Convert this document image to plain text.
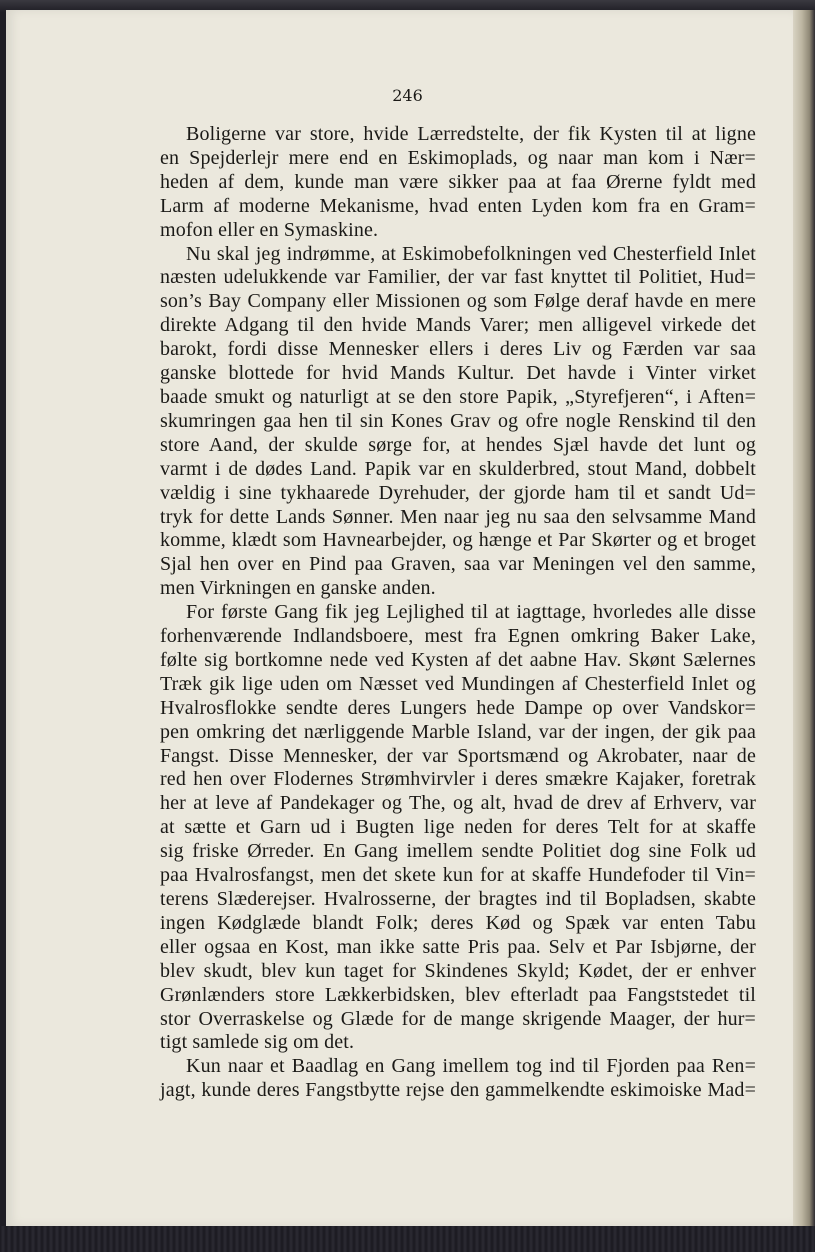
246
Boligerne var store, hvide Lærredstelte, der fik Kysten til at ligne
en Spejderlejr mere end en Eskimoplads, og naar man kom i Nær=
heden af dem, kunde man være sikker paa at faa Ørerne fyldt med
Larm af moderne Mekanisme, hvad enten Lyden kom fra en Gram=
mofon eller en Symaskine.
Nu skal jeg indrømme, at Eskimobefolkningen ved Chesterfield Inlet
næsten udelukkende var Familier, der var fast knyttet til Politiet, Hud=
son’s Bay Company eller Missionen og som Følge deraf havde en mere
direkte Adgang til den hvide Mands Varer; men alligevel virkede det
barokt, fordi disse Mennesker ellers i deres Liv og Færden var saa
ganske blottede for hvid Mands Kultur. Det havde i Vinter virket
baade smukt og naturligt at se den store Papik, „Styrefjeren“, i Aften=
skumringen gaa hen til sin Kones Grav og ofre nogle Renskind til den
store Aand, der skulde sørge for, at hendes Sjæl havde det lunt og
varmt i de dødes Land. Papik var en skulderbred, stout Mand, dobbelt
vældig i sine tykhaarede Dyrehuder, der gjorde ham til et sandt Ud=
tryk for dette Lands Sønner. Men naar jeg nu saa den selvsamme Mand
komme, klædt som Havnearbejder, og hænge et Par Skørter og et broget
Sjal hen over en Pind paa Graven, saa var Meningen vel den samme,
men Virkningen en ganske anden.
For første Gang fik jeg Lejlighed til at iagttage, hvorledes alle disse
forhenværende Indlandsboere, mest fra Egnen omkring Baker Lake,
følte sig bortkomne nede ved Kysten af det aabne Hav. Skønt Sælernes
Træk gik lige uden om Næsset ved Mundingen af Chesterfield Inlet og
Hvalrosflokke sendte deres Lungers hede Dampe op over Vandskor=
pen omkring det nærliggende Marble Island, var der ingen, der gik paa
Fangst. Disse Mennesker, der var Sportsmænd og Akrobater, naar de
red hen over Flodernes Strømhvirvler i deres smækre Kajaker, foretrak
her at leve af Pandekager og The, og alt, hvad de drev af Erhverv, var
at sætte et Garn ud i Bugten lige neden for deres Telt for at skaffe
sig friske Ørreder. En Gang imellem sendte Politiet dog sine Folk ud
paa Hvalrosfangst, men det skete kun for at skaffe Hundefoder til Vin=
terens Slæderejser. Hvalrosserne, der bragtes ind til Bopladsen, skabte
ingen Kødglæde blandt Folk; deres Kød og Spæk var enten Tabu
eller ogsaa en Kost, man ikke satte Pris paa. Selv et Par Isbjørne, der
blev skudt, blev kun taget for Skindenes Skyld; Kødet, der er enhver
Grønlænders store Lækkerbidsken, blev efterladt paa Fangststedet til
stor Overraskelse og Glæde for de mange skrigende Maager, der hur=
tigt samlede sig om det.
Kun naar et Baadlag en Gang imellem tog ind til Fjorden paa Ren=
jagt, kunde deres Fangstbytte rejse den gammelkendte eskimoiske Mad=
